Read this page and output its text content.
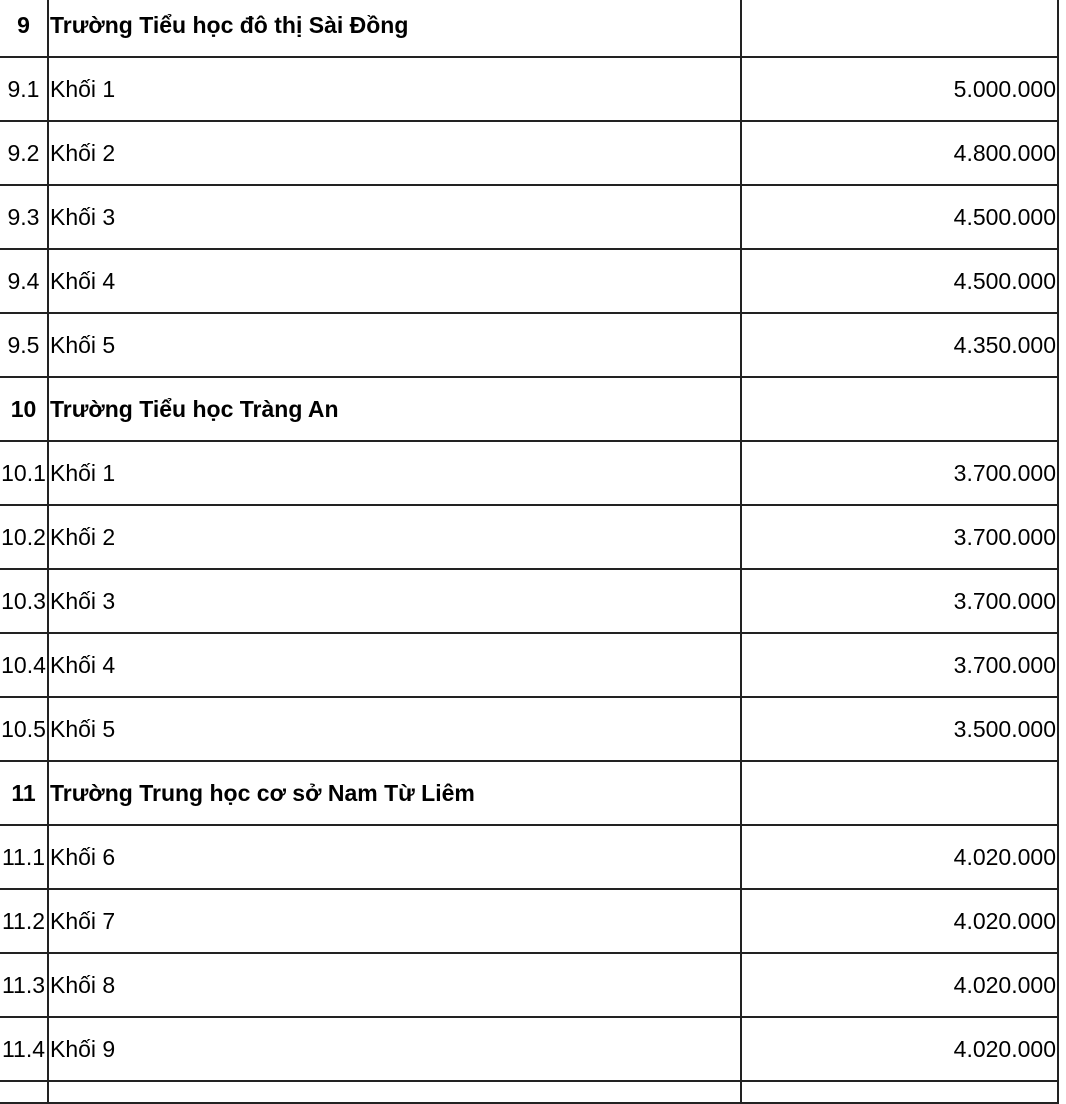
9	Trường Tiểu học đô thị Sài Đồng	
9.1	Khối 1	5.000.000
9.2	Khối 2	4.800.000
9.3	Khối 3	4.500.000
9.4	Khối 4	4.500.000
9.5	Khối 5	4.350.000
10	Trường Tiểu học Tràng An	
10.1	Khối 1	3.700.000
10.2	Khối 2	3.700.000
10.3	Khối 3	3.700.000
10.4	Khối 4	3.700.000
10.5	Khối 5	3.500.000
11	Trường Trung học cơ sở Nam Từ Liêm	
11.1	Khối 6	4.020.000
11.2	Khối 7	4.020.000
11.3	Khối 8	4.020.000
11.4	Khối 9	4.020.000
